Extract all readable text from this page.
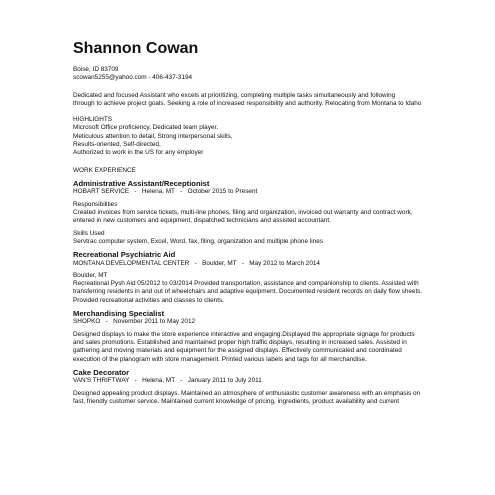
Shannon Cowan
Boise, ID 83709
scowan5255@yahoo.com - 406-437-3194
Dedicated and focused Assistant who excels at prioritizing, completing multiple tasks simultaneously and following
through to achieve project goals. Seeking a role of increased responsibility and authority. Relocating from Montana to Idaho
HIGHLIGHTS
Microsoft Office proficiency, Dedicated team player,
Meticulous attention to detail, Strong interpersonal skills,
Results-oriented, Self-directed,
Authorized to work in the US for any employer
WORK EXPERIENCE
Administrative Assistant/Receptionist
HOBART SERVICE   -   Helena, MT   -   October 2015 to Present
Responsibilities
Created invoices from service tickets, multi-line phones, filing and organization, invoiced out warranty and contract work, entered in new customers and equipment, dispatched technicians and assisted accountant.
Skills Used
Servtrac computer system, Excel, Word, fax, filing, organization and multiple phone lines
Recreational Psychiatric Aid
MONTANA DEVELOPMENTAL CENTER   -   Boulder, MT   -   May 2012 to March 2014
Boulder, MT
Recreational Pysh Aid 05/2012 to 03/2014 Provided transportation, assistance and companionship to clients. Assisted with transferring residents in and out of wheelchairs and adaptive equipment. Documented resident records on daily flow sheets. Provided recreational activities and classes to clients.
Merchandising Specialist
SHOPKO   -   November 2011 to May 2012
Designed displays to make the store experience interactive and engaging.Displayed the appropriate signage for products and sales promotions. Established and maintained proper high traffic displays, resulting in increased sales. Assisted in gathering and moving materials and equipment for the assigned displays. Effectively communicated and coordinated execution of the planogram with store management. Printed various labels and tags for all merchandise.
Cake Decorator
VAN'S THRIFTWAY   -   Helena, MT   -   January 2011 to July 2011
Designed appealing product displays. Maintained an atmosphere of enthusiastic customer awareness with an emphasis on fast, friendly customer service. Maintained current knowledge of pricing, ingredients, product availability and current
